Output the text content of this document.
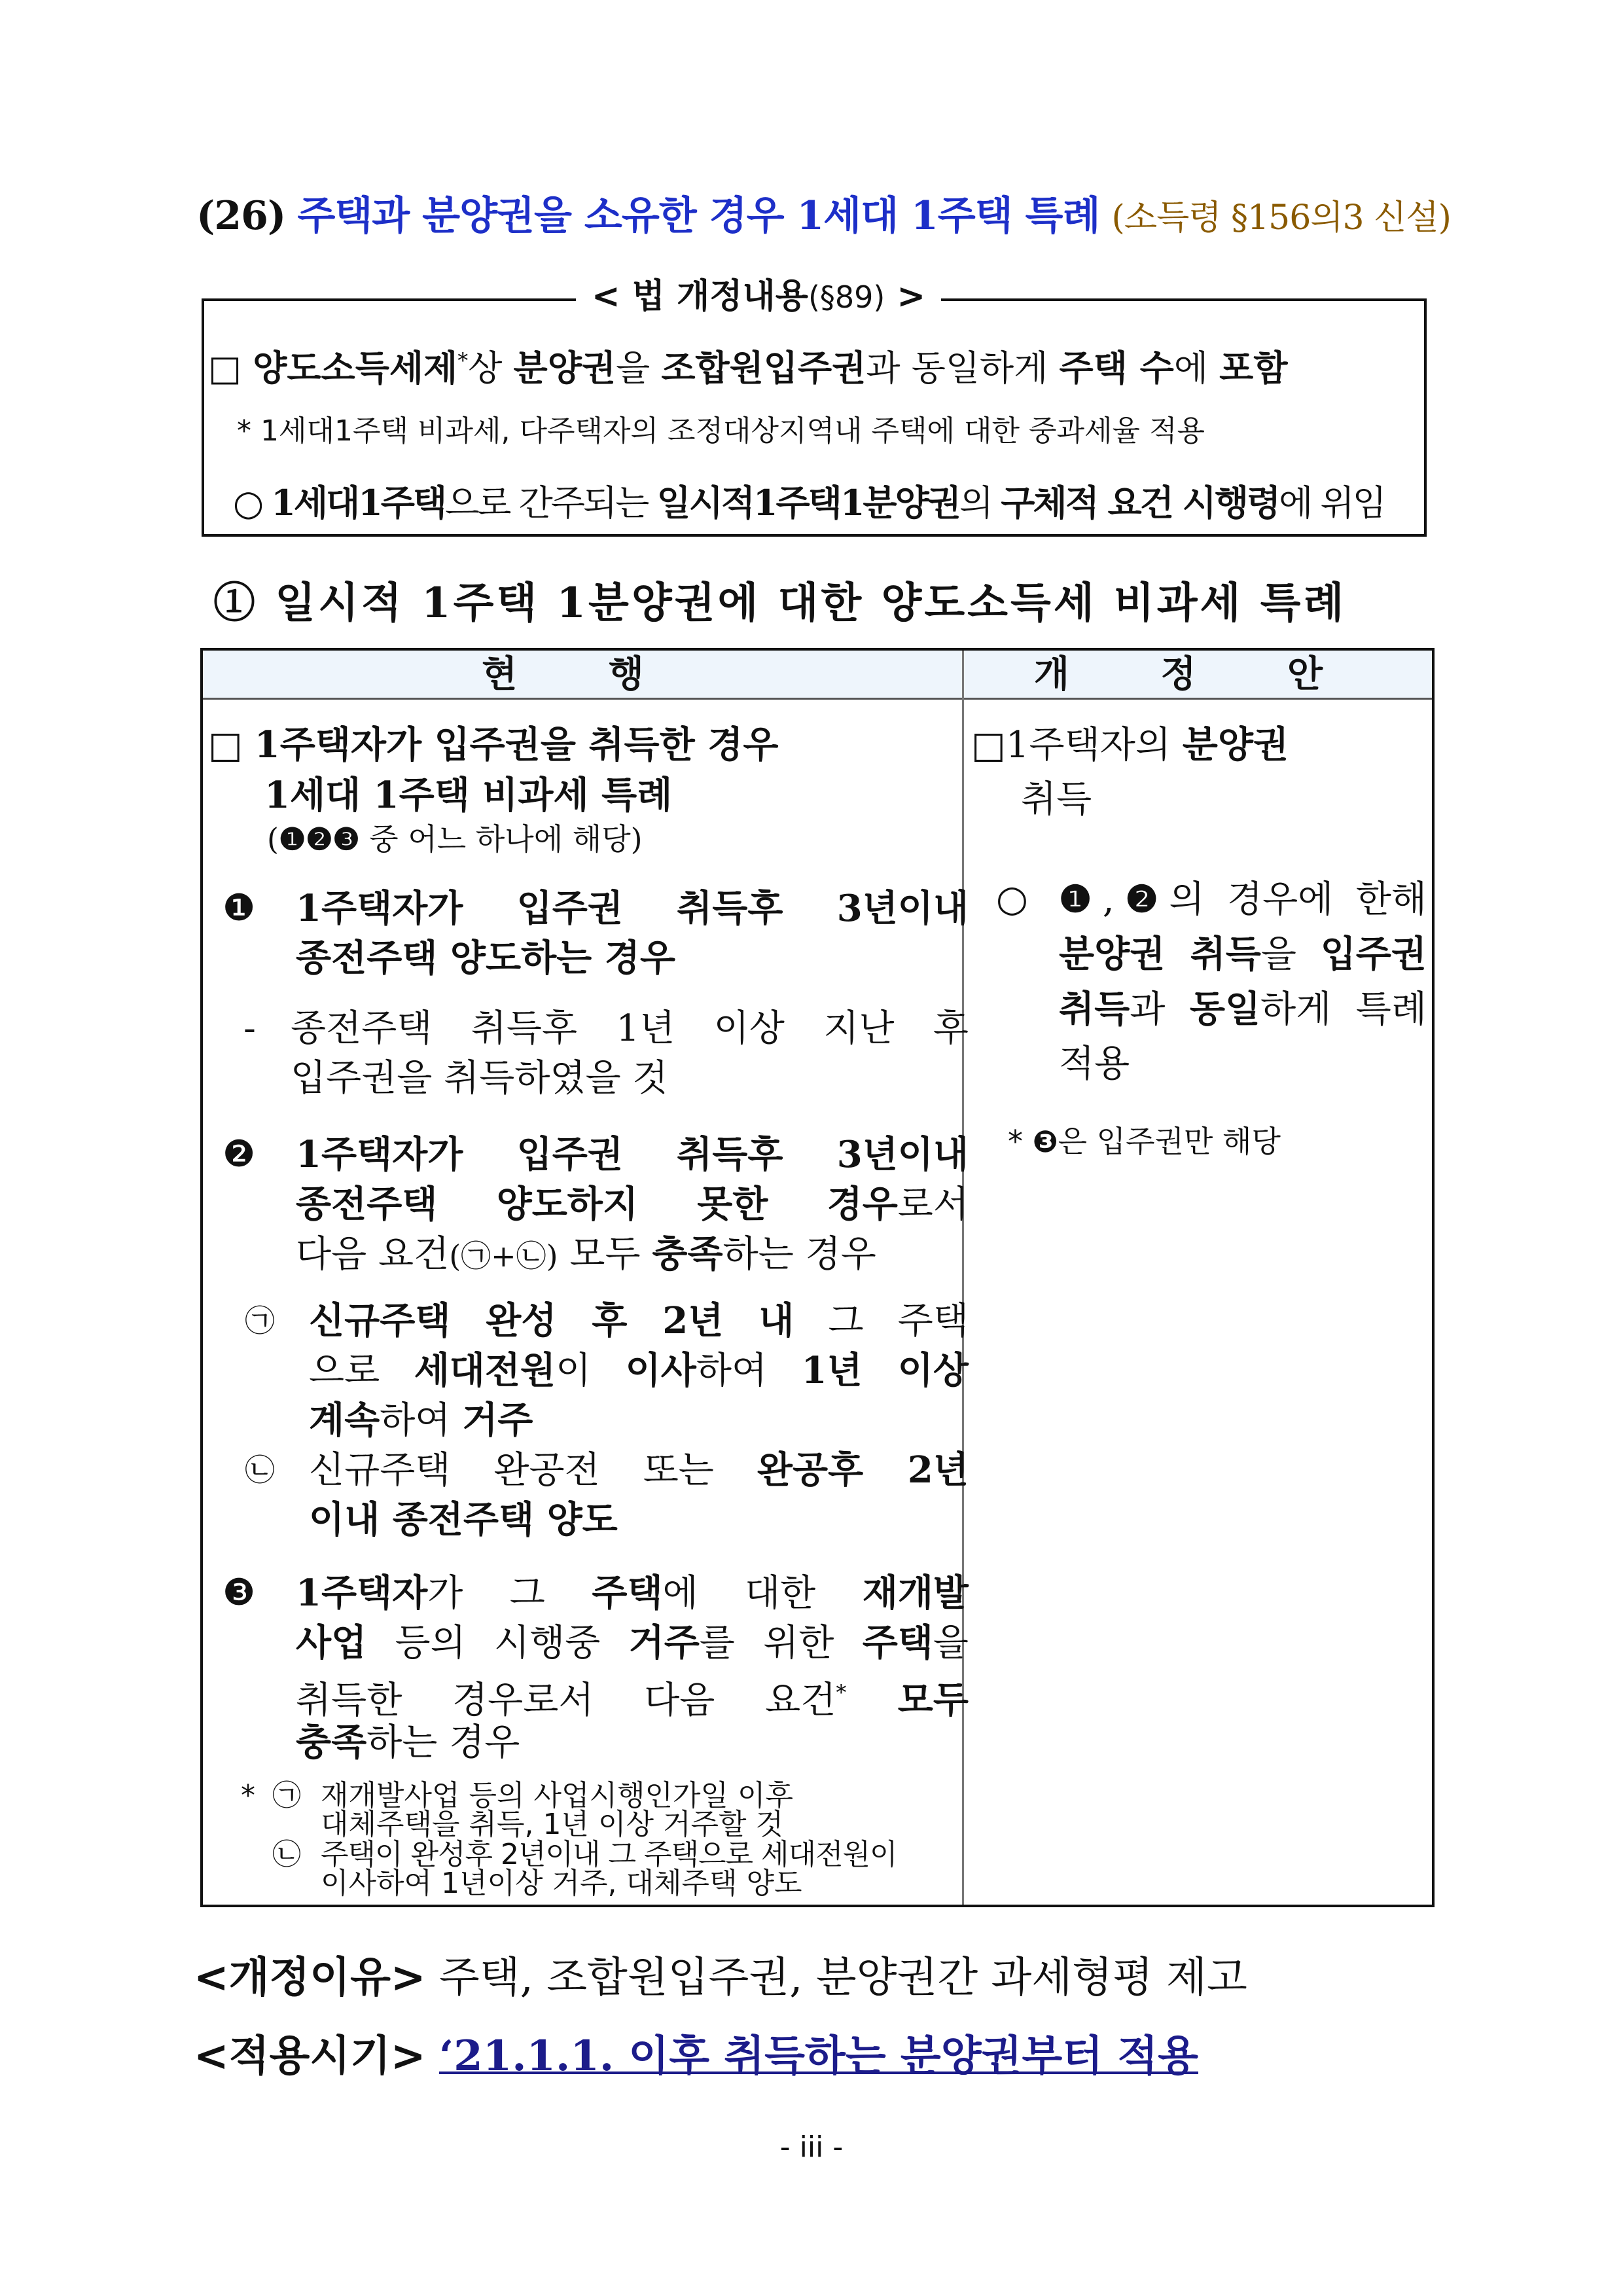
(26) 주택과 분양권을 소유한 경우 1세대 1주택 특례 (소득령 §156의3 신설)
< 법 개정내용(§89) >
□ 양도소득세제*상 분양권을 조합원입주권과 동일하게 주택 수에 포함
* 1세대1주택 비과세, 다주택자의 조정대상지역내 주택에 대한 중과세율 적용
○ 1세대1주택으로 간주되는 일시적1주택1분양권의 구체적 요건 시행령에 위임
① 일시적 1주택 1분양권에 대한 양도소득세 비과세 특례
현 행	개 정 안
□ 1주택자가 입주권을 취득한 경우
1세대 1주택 비과세 특례
(❶❷❸ 중 어느 하나에 해당)
❶ 1주택자가 입주권 취득후 3년이내
종전주택 양도하는 경우
- 종전주택 취득후 1년 이상 지난 후
입주권을 취득하였을 것
❷ 1주택자가 입주권 취득후 3년이내
종전주택 양도하지 못한 경우로서
다음 요건(㉠+㉡) 모두 충족하는 경우
㉠ 신규주택 완성 후 2년 내 그 주택
으로 세대전원이 이사하여 1년 이상
계속하여 거주
㉡ 신규주택 완공전 또는 완공후 2년
이내 종전주택 양도
❸ 1주택자가 그 주택에 대한 재개발
사업 등의 시행중 거주를 위한 주택을
취득한 경우로서 다음 요건* 모두
충족하는 경우
* ㉠ 재개발사업 등의 사업시행인가일 이후
대체주택을 취득, 1년 이상 거주할 것
㉡ 주택이 완성후 2년이내 그 주택으로 세대전원이
이사하여 1년이상 거주, 대체주택 양도
□1주택자의 분양권
취득
○ ❶,❷의 경우에 한해
분양권 취득을 입주권
취득과 동일하게 특례
적용
* ❸은 입주권만 해당
<개정이유> 주택, 조합원입주권, 분양권간 과세형평 제고
<적용시기> ‘21.1.1. 이후 취득하는 분양권부터 적용
- iii -
